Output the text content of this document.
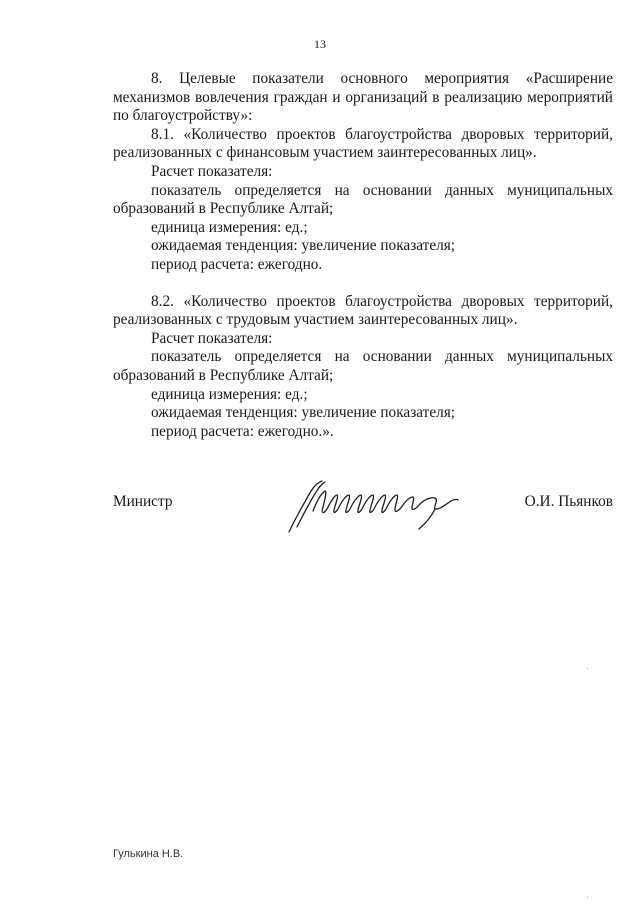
13

8. Целевые показатели основного мероприятия «Расширение механизмов вовлечения граждан и организаций в реализацию мероприятий по благоустройству»:

8.1. «Количество проектов благоустройства дворовых территорий, реализованных с финансовым участием заинтересованных лиц».

Расчет показателя:

показатель определяется на основании данных муниципальных образований в Республике Алтай;

единица измерения: ед.;

ожидаемая тенденция: увеличение показателя;

период расчета: ежегодно.

8.2. «Количество проектов благоустройства дворовых территорий, реализованных с трудовым участием заинтересованных лиц».

Расчет показателя:

показатель определяется на основании данных муниципальных образований в Республике Алтай;

единица измерения: ед.;

ожидаемая тенденция: увеличение показателя;

период расчета: ежегодно.».

Министр	О.И. Пьянков
Гулькина Н.В.
